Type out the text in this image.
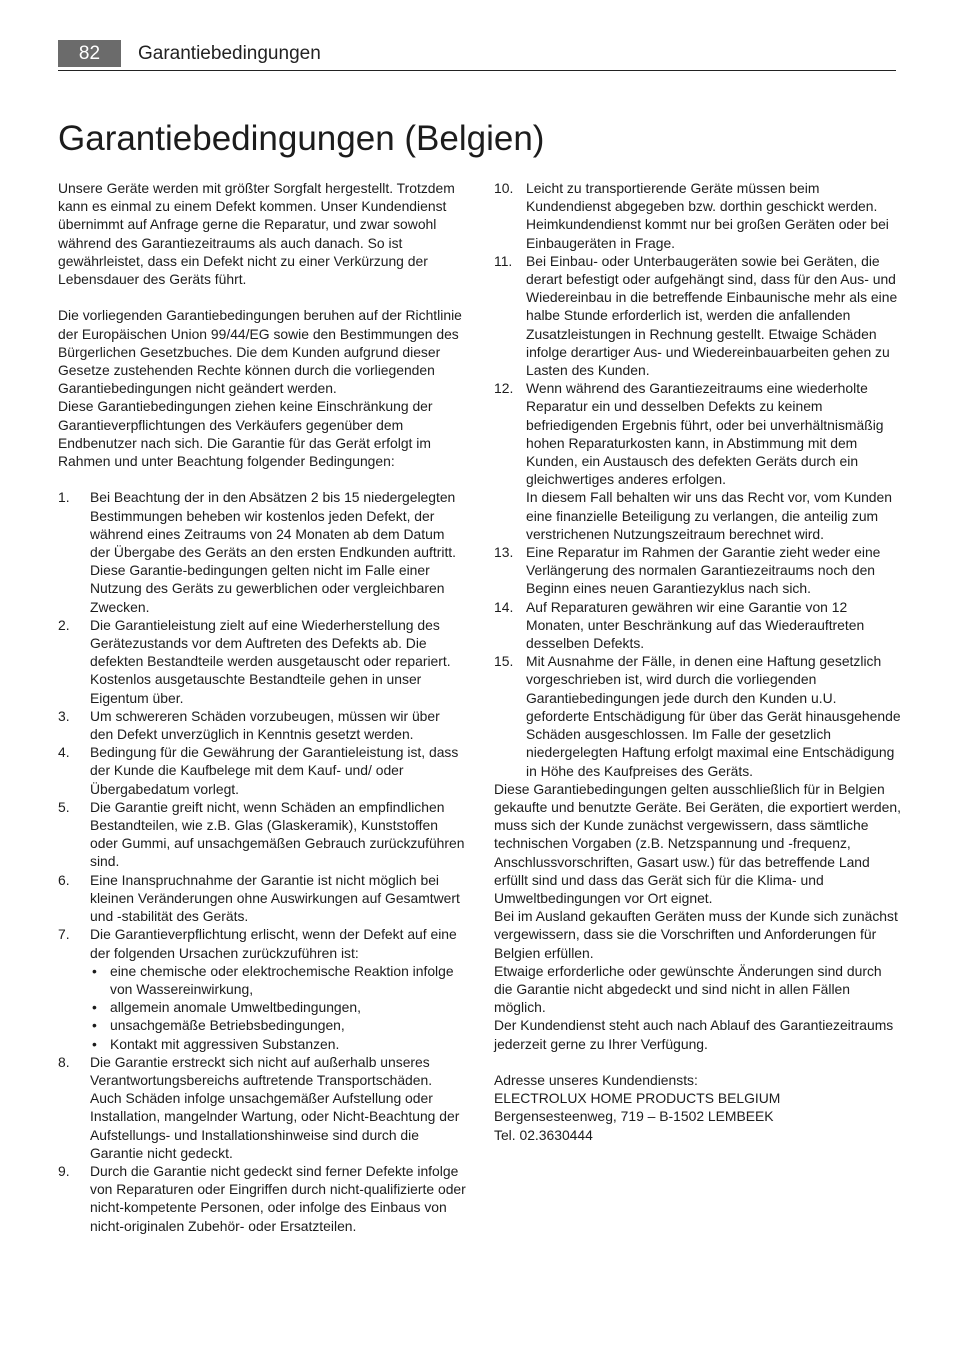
82	Garantiebedingungen
Garantiebedingungen (Belgien)

Unsere Geräte werden mit größter Sorgfalt hergestellt. Trotzdem kann es einmal zu einem Defekt kommen. Unser Kundendienst übernimmt auf Anfrage gerne die Reparatur, und zwar sowohl während des Garantiezeitraums als auch danach. So ist gewährleistet, dass ein Defekt nicht zu einer Verkürzung der Lebensdauer des Geräts führt.

Die vorliegenden Garantiebedingungen beruhen auf der Richtlinie der Europäischen Union 99/44/EG sowie den Bestimmungen des Bürgerlichen Gesetzbuches. Die dem Kunden aufgrund dieser Gesetze zustehenden Rechte können durch die vorliegenden Garantiebedingungen nicht geändert werden.

Diese Garantiebedingungen ziehen keine Einschränkung der Garantieverpflichtungen des Verkäufers gegenüber dem Endbenutzer nach sich. Die Garantie für das Gerät erfolgt im Rahmen und unter Beachtung folgender Bedingungen:

1. Bei Beachtung der in den Absätzen 2 bis 15 niedergelegten Bestimmungen beheben wir kostenlos jeden Defekt, der während eines Zeitraums von 24 Monaten ab dem Datum der Übergabe des Geräts an den ersten Endkunden auftritt. Diese Garantie-bedingungen gelten nicht im Falle einer Nutzung des Geräts zu gewerblichen oder vergleichbaren Zwecken.
2. Die Garantieleistung zielt auf eine Wiederherstellung des Gerätezustands vor dem Auftreten des Defekts ab. Die defekten Bestandteile werden ausgetauscht oder repariert. Kostenlos ausgetauschte Bestandteile gehen in unser Eigentum über.
3. Um schwereren Schäden vorzubeugen, müssen wir über den Defekt unverzüglich in Kenntnis gesetzt werden.
4. Bedingung für die Gewährung der Garantieleistung ist, dass der Kunde die Kaufbelege mit dem Kauf- und/ oder Übergabedatum vorlegt.
5. Die Garantie greift nicht, wenn Schäden an empfindlichen Bestandteilen, wie z.B. Glas (Glaskeramik), Kunststoffen oder Gummi, auf unsachgemäßen Gebrauch zurückzuführen sind.
6. Eine Inanspruchnahme der Garantie ist nicht möglich bei kleinen Veränderungen ohne Auswirkungen auf Gesamtwert und -stabilität des Geräts.
7. Die Garantieverpflichtung erlischt, wenn der Defekt auf eine der folgenden Ursachen zurückzuführen ist:
• eine chemische oder elektrochemische Reaktion infolge von Wassereinwirkung,
• allgemein anomale Umweltbedingungen,
• unsachgemäße Betriebsbedingungen,
• Kontakt mit aggressiven Substanzen.
8. Die Garantie erstreckt sich nicht auf außerhalb unseres Verantwortungsbereichs auftretende Transportschäden. Auch Schäden infolge unsachgemäßer Aufstellung oder Installation, mangelnder Wartung, oder Nicht-Beachtung der Aufstellungs- und Installationshinweise sind durch die Garantie nicht gedeckt.
9. Durch die Garantie nicht gedeckt sind ferner Defekte infolge von Reparaturen oder Eingriffen durch nicht-qualifizierte oder nicht-kompetente Personen, oder infolge des Einbaus von nicht-originalen Zubehör- oder Ersatzteilen.
10. Leicht zu transportierende Geräte müssen beim Kundendienst abgegeben bzw. dorthin geschickt werden. Heimkundendienst kommt nur bei großen Geräten oder bei Einbaugeräten in Frage.
11. Bei Einbau- oder Unterbaugeräten sowie bei Geräten, die derart befestigt oder aufgehängt sind, dass für den Aus- und Wiedereinbau in die betreffende Einbaunische mehr als eine halbe Stunde erforderlich ist, werden die anfallenden Zusatzleistungen in Rechnung gestellt. Etwaige Schäden infolge derartiger Aus- und Wiedereinbauarbeiten gehen zu Lasten des Kunden.
12. Wenn während des Garantiezeitraums eine wiederholte Reparatur ein und desselben Defekts zu keinem befriedigenden Ergebnis führt, oder bei unverhältnismäßig hohen Reparaturkosten kann, in Abstimmung mit dem Kunden, ein Austausch des defekten Geräts durch ein gleichwertiges anderes erfolgen.
In diesem Fall behalten wir uns das Recht vor, vom Kunden eine finanzielle Beteiligung zu verlangen, die anteilig zum verstrichenen Nutzungszeitraum berechnet wird.
13. Eine Reparatur im Rahmen der Garantie zieht weder eine Verlängerung des normalen Garantiezeitraums noch den Beginn eines neuen Garantiezyklus nach sich.
14. Auf Reparaturen gewähren wir eine Garantie von 12 Monaten, unter Beschränkung auf das Wiederauftreten desselben Defekts.
15. Mit Ausnahme der Fälle, in denen eine Haftung gesetzlich vorgeschrieben ist, wird durch die vorliegenden Garantiebedingungen jede durch den Kunden u.U. geforderte Entschädigung für über das Gerät hinausgehende Schäden ausgeschlossen. Im Falle der gesetzlich niedergelegten Haftung erfolgt maximal eine Entschädigung in Höhe des Kaufpreises des Geräts.

Diese Garantiebedingungen gelten ausschließlich für in Belgien gekaufte und benutzte Geräte. Bei Geräten, die exportiert werden, muss sich der Kunde zunächst vergewissern, dass sämtliche technischen Vorgaben (z.B. Netzspannung und -frequenz, Anschlussvorschriften, Gasart usw.) für das betreffende Land erfüllt sind und dass das Gerät sich für die Klima- und Umweltbedingungen vor Ort eignet.

Bei im Ausland gekauften Geräten muss der Kunde sich zunächst vergewissern, dass sie die Vorschriften und Anforderungen für Belgien erfüllen.

Etwaige erforderliche oder gewünschte Änderungen sind durch die Garantie nicht abgedeckt und sind nicht in allen Fällen möglich.

Der Kundendienst steht auch nach Ablauf des Garantiezeitraums jederzeit gerne zu Ihrer Verfügung.

Adresse unseres Kundendiensts:

ELECTROLUX HOME PRODUCTS BELGIUM

Bergensesteenweg, 719 – B-1502 LEMBEEK

Tel. 02.3630444
